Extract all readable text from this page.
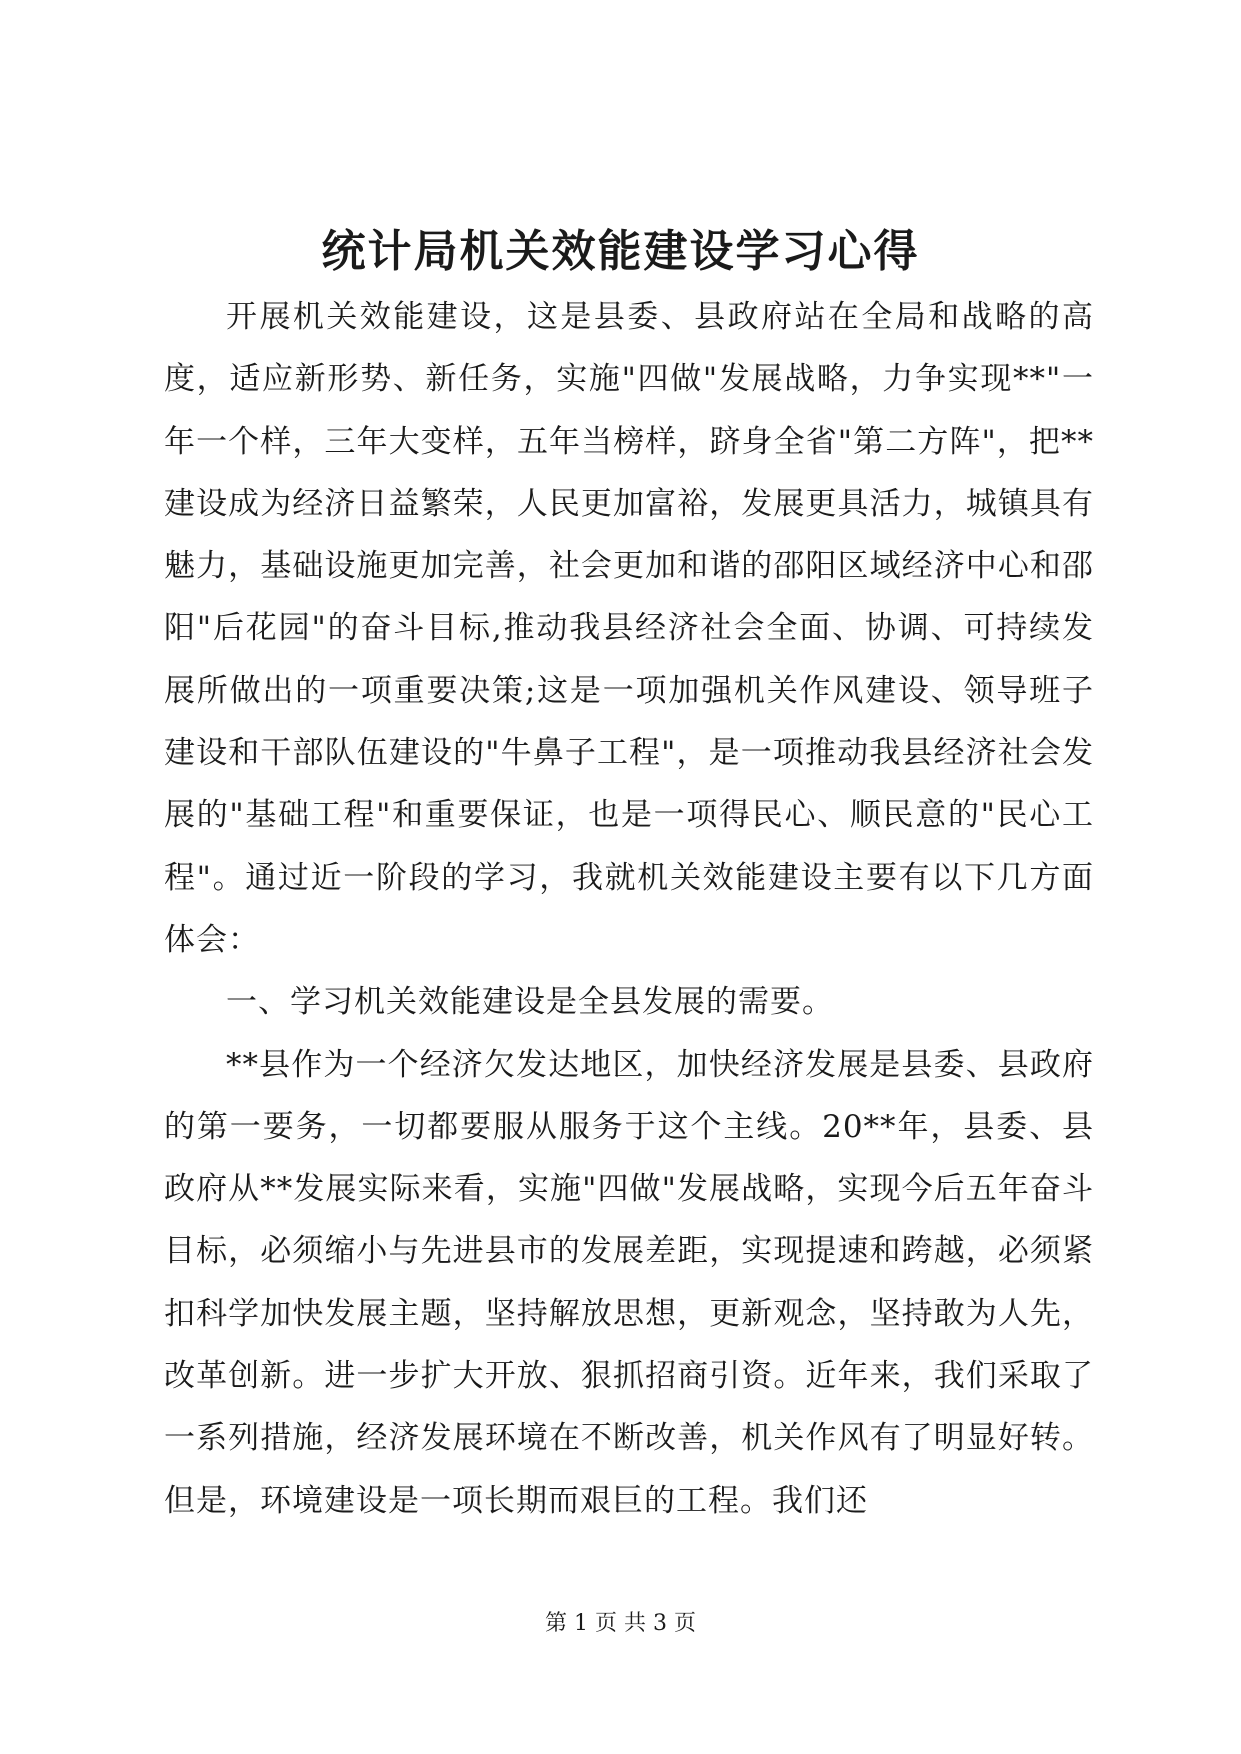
统计局机关效能建设学习心得

开展机关效能建设，这是县委、县政府站在全局和战略的高度，适应新形势、新任务，实施"四做"发展战略，力争实现**"一年一个样，三年大变样，五年当榜样，跻身全省"第二方阵"，把**建设成为经济日益繁荣，人民更加富裕，发展更具活力，城镇具有魅力，基础设施更加完善，社会更加和谐的邵阳区域经济中心和邵阳"后花园"的奋斗目标,推动我县经济社会全面、协调、可持续发展所做出的一项重要决策;这是一项加强机关作风建设、领导班子建设和干部队伍建设的"牛鼻子工程"，是一项推动我县经济社会发展的"基础工程"和重要保证，也是一项得民心、顺民意的"民心工程"。通过近一阶段的学习，我就机关效能建设主要有以下几方面体会：

一、学习机关效能建设是全县发展的需要。

**县作为一个经济欠发达地区，加快经济发展是县委、县政府的第一要务，一切都要服从服务于这个主线。20**年，县委、县政府从**发展实际来看，实施"四做"发展战略，实现今后五年奋斗目标，必须缩小与先进县市的发展差距，实现提速和跨越，必须紧扣科学加快发展主题，坚持解放思想，更新观念，坚持敢为人先，改革创新。进一步扩大开放、狠抓招商引资。近年来，我们采取了一系列措施，经济发展环境在不断改善，机关作风有了明显好转。但是，环境建设是一项长期而艰巨的工程。我们还

第 1 页 共 3 页
